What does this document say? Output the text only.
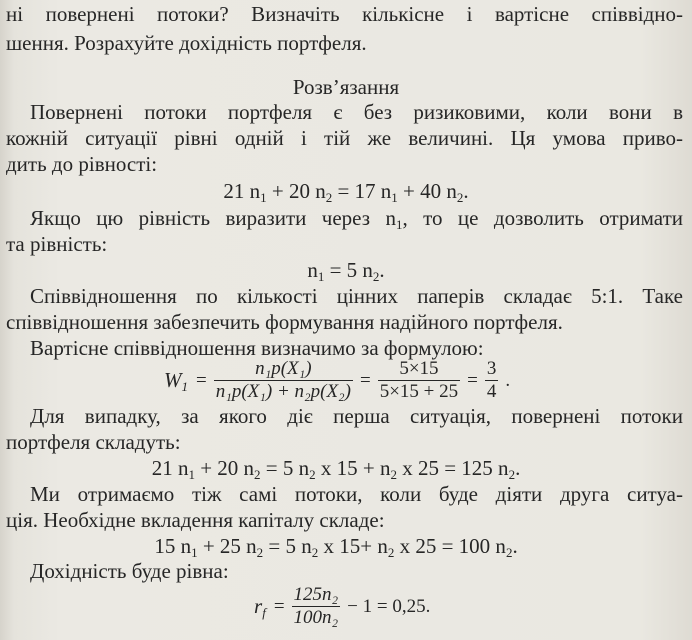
ні повернені потоки? Визначіть кількісне і вартісне співвідно-
шення. Розрахуйте дохідність портфеля.
Розв’язання
Повернені потоки портфеля є без ризиковими, коли вони в
кожній ситуації рівні одній і тій же величині. Ця умова приво-
дить до рівності:
21 $n_1 + 20$ $n_2 = 17$ $n_1 + 40$ $n_2$.
Якщо цю рівність виразити через $n_1$, то це дозволить отримати
та рівність:
$n_1 = 5$ $n_2$.
Співвідношення по кількості цінних паперів складає 5:1. Таке
співвідношення забезпечить формування надійного портфеля.
Вартісне співвідношення визначимо за формулою:
$W_1 = \frac{\text{n₁p(X₁)}}{\text{n₁p(X₁) + n₂p(X₂)}} = \frac{5\times 15}{5\times 15 + 25} = \frac{3}{4}$ .
Для випадку, за якого діє перша ситуація, повернені потоки
портфеля складуть:
21 $n_1 + 20$ $n_2 = 5$ $n_2$ x $15 + n_2$ x 25 = 125 $n_2$.
Ми отримаємо тіж самі потоки, коли буде діяти друга ситуа-
ція. Необхідне вкладення капіталу складе:
15 $n_1 + 25$ $n_2 = 5$ $n_2$ x $15+ n_2$ x 25 = 100 $n_2$.
Дохідність буде рівна:
$r_f = \frac{\text{125n₂}}{\text{100n₂}} - 1 = 0,25$.
